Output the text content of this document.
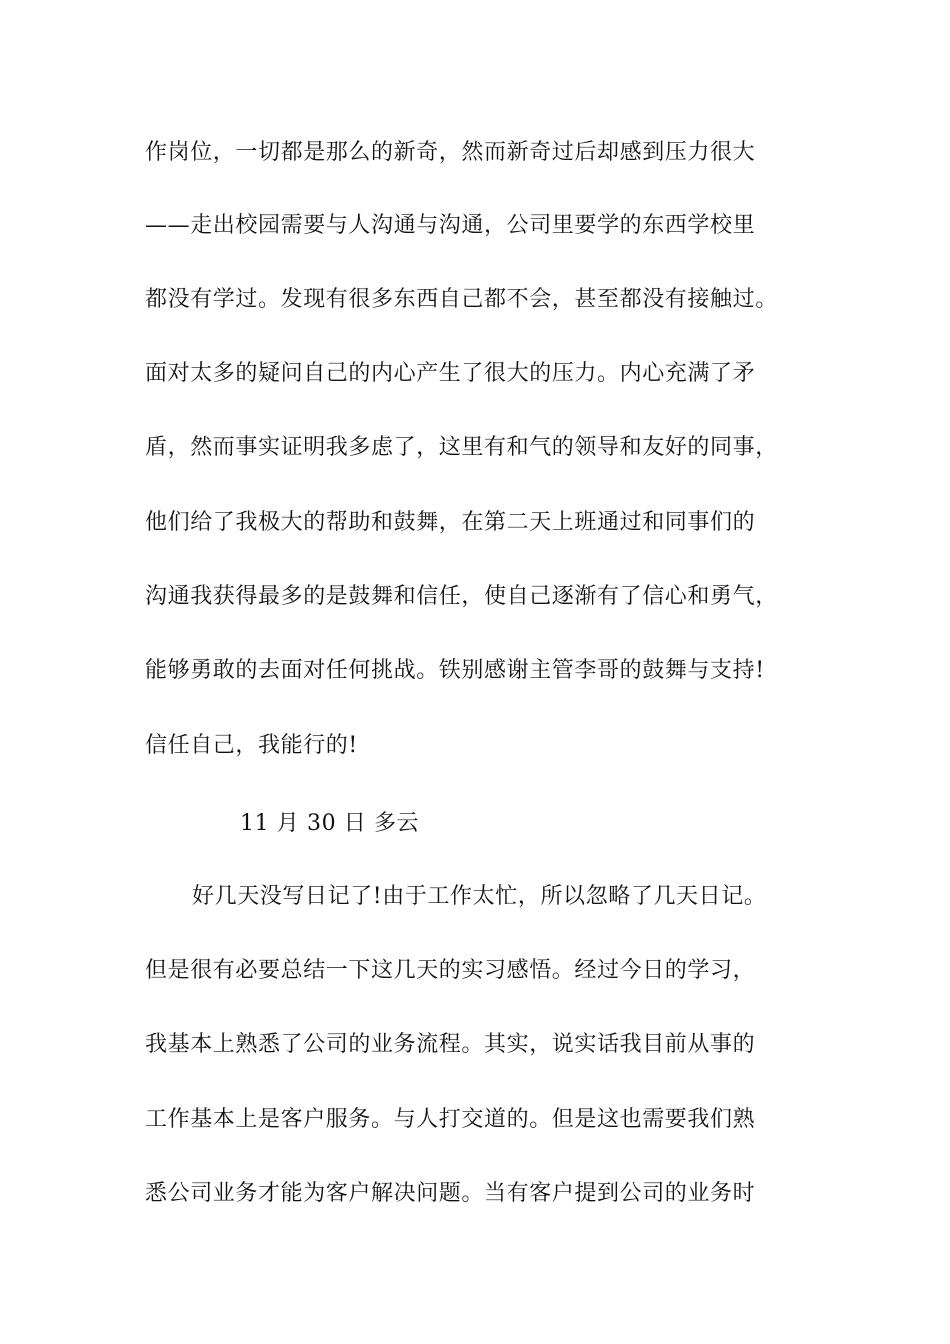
作岗位，一切都是那么的新奇，然而新奇过后却感到压力很大
——走出校园需要与人沟通与沟通，公司里要学的东西学校里
都没有学过。发现有很多东西自己都不会，甚至都没有接触过。
面对太多的疑问自己的内心产生了很大的压力。内心充满了矛
盾，然而事实证明我多虑了，这里有和气的领导和友好的同事，
他们给了我极大的帮助和鼓舞，在第二天上班通过和同事们的
沟通我获得最多的是鼓舞和信任，使自己逐渐有了信心和勇气，
能够勇敢的去面对任何挑战。铁别感谢主管李哥的鼓舞与支持!
信任自己，我能行的!
11 月 30 日 多云
好几天没写日记了!由于工作太忙，所以忽略了几天日记。
但是很有必要总结一下这几天的实习感悟。经过今日的学习，
我基本上熟悉了公司的业务流程。其实，说实话我目前从事的
工作基本上是客户服务。与人打交道的。但是这也需要我们熟
悉公司业务才能为客户解决问题。当有客户提到公司的业务时
